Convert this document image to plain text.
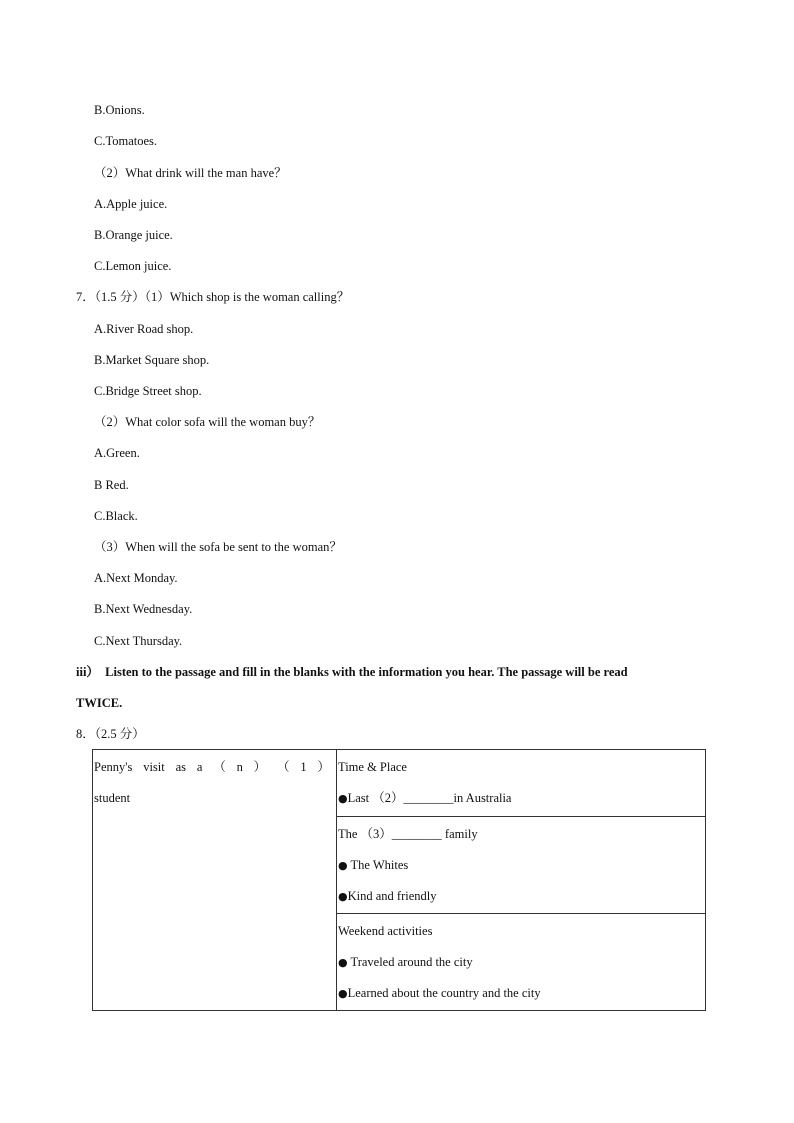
B.Onions.
C.Tomatoes.
（2）What drink will the man have？
A.Apple juice.
B.Orange juice.
C.Lemon juice.
7．（1.5 分）（1）Which shop is the woman calling？
A.River Road shop.
B.Market Square shop.
C.Bridge Street shop.
（2）What color sofa will the woman buy？
A.Green.
B Red.
C.Black.
（3）When will the sofa be sent to the woman？
A.Next Monday.
B.Next Wednesday.
C.Next Thursday.
iii）　Listen to the passage and fill in the blanks with the information you hear. The passage will be read
TWICE.
8．（2.5 分）
Penny's visit as a （ n ） （ 1 ）
student

Time & Place
●Last （2）________in Australia

The （3）________ family
● The Whites
●Kind and friendly

Weekend activities
● Traveled around the city
●Learned about the country and the city
